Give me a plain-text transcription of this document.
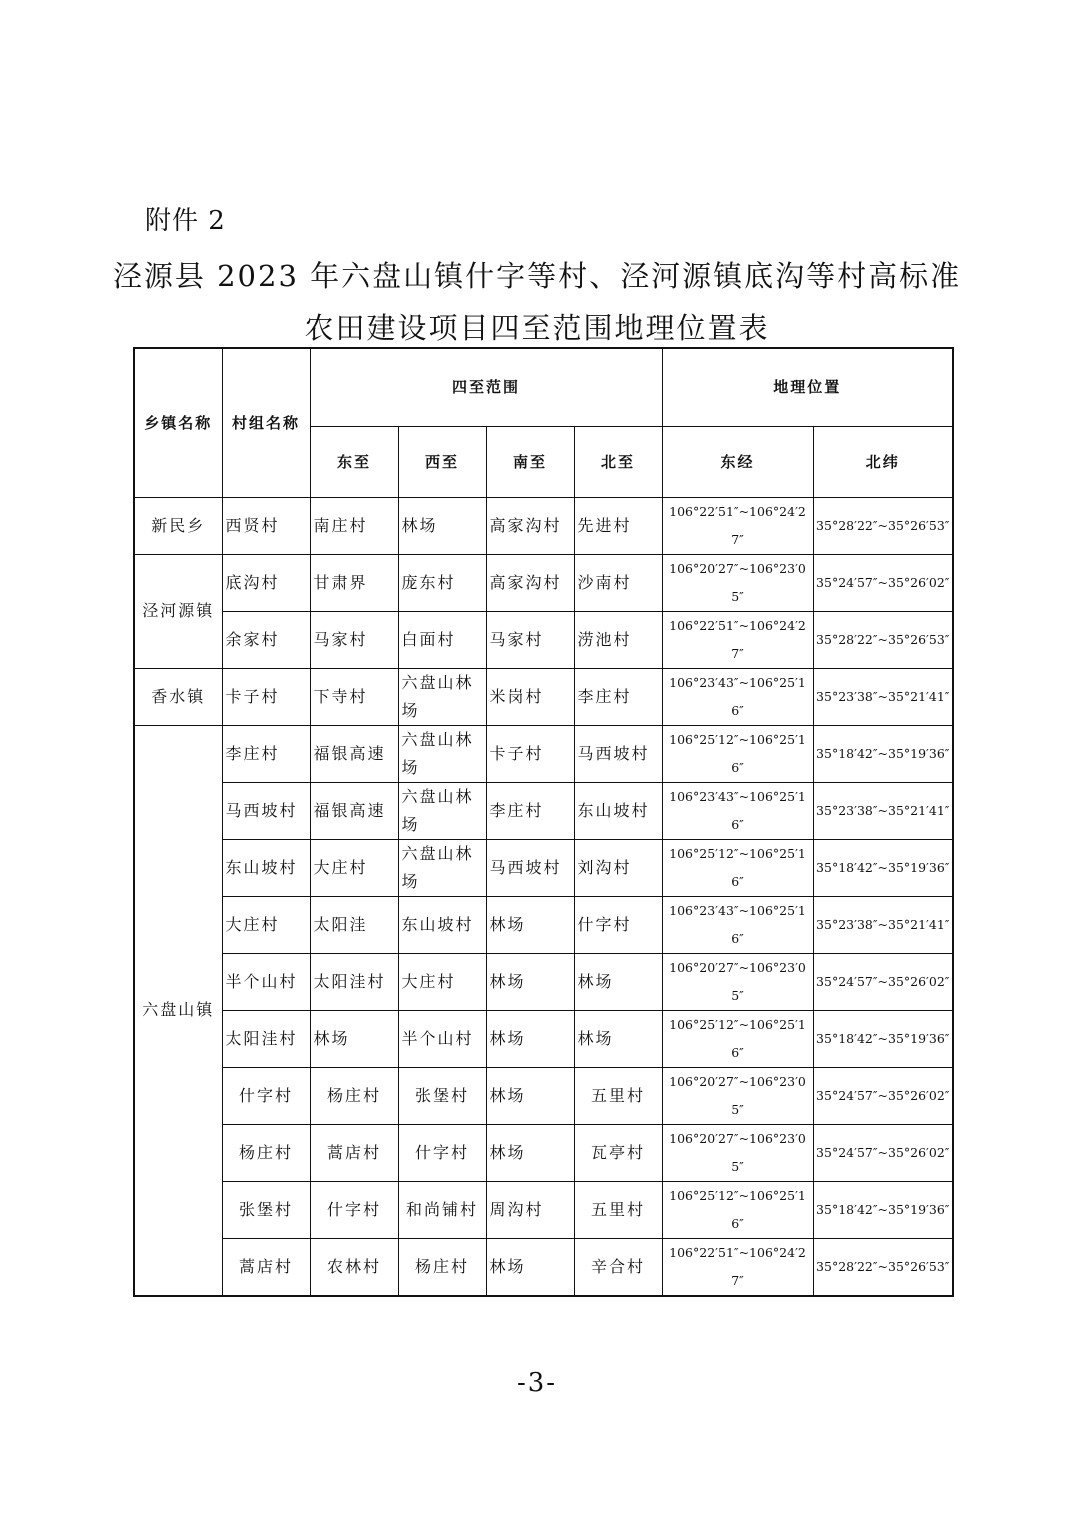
附件 2
泾源县 2023 年六盘山镇什字等村、泾河源镇底沟等村高标准
农田建设项目四至范围地理位置表
乡镇名称	村组名称	四至范围				地理位置	
		东至	西至	南至	北至	东经	北纬
新民乡	西贤村	南庄村	林场	高家沟村	先进村	106°22′51″~106°24′27″	35°28′22″~35°26′53″
泾河源镇	底沟村	甘肃界	庞东村	高家沟村	沙南村	106°20′27″~106°23′05″	35°24′57″~35°26′02″
	余家村	马家村	白面村	马家村	涝池村	106°22′51″~106°24′27″	35°28′22″~35°26′53″
香水镇	卡子村	下寺村	六盘山林场	米岗村	李庄村	106°23′43″~106°25′16″	35°23′38″~35°21′41″
六盘山镇	李庄村	福银高速	六盘山林场	卡子村	马西坡村	106°25′12″~106°25′16″	35°18′42″~35°19′36″
	马西坡村	福银高速	六盘山林场	李庄村	东山坡村	106°23′43″~106°25′16″	35°23′38″~35°21′41″
	东山坡村	大庄村	六盘山林场	马西坡村	刘沟村	106°25′12″~106°25′16″	35°18′42″~35°19′36″
	大庄村	太阳洼	东山坡村	林场	什字村	106°23′43″~106°25′16″	35°23′38″~35°21′41″
	半个山村	太阳洼村	大庄村	林场	林场	106°20′27″~106°23′05″	35°24′57″~35°26′02″
	太阳洼村	林场	半个山村	林场	林场	106°25′12″~106°25′16″	35°18′42″~35°19′36″
	什字村	杨庄村	张堡村	林场	五里村	106°20′27″~106°23′05″	35°24′57″~35°26′02″
	杨庄村	蒿店村	什字村	林场	瓦亭村	106°20′27″~106°23′05″	35°24′57″~35°26′02″
	张堡村	什字村	和尚铺村	周沟村	五里村	106°25′12″~106°25′16″	35°18′42″~35°19′36″
	蒿店村	农林村	杨庄村	林场	辛合村	106°22′51″~106°24′27″	35°28′22″~35°26′53″
-3-
